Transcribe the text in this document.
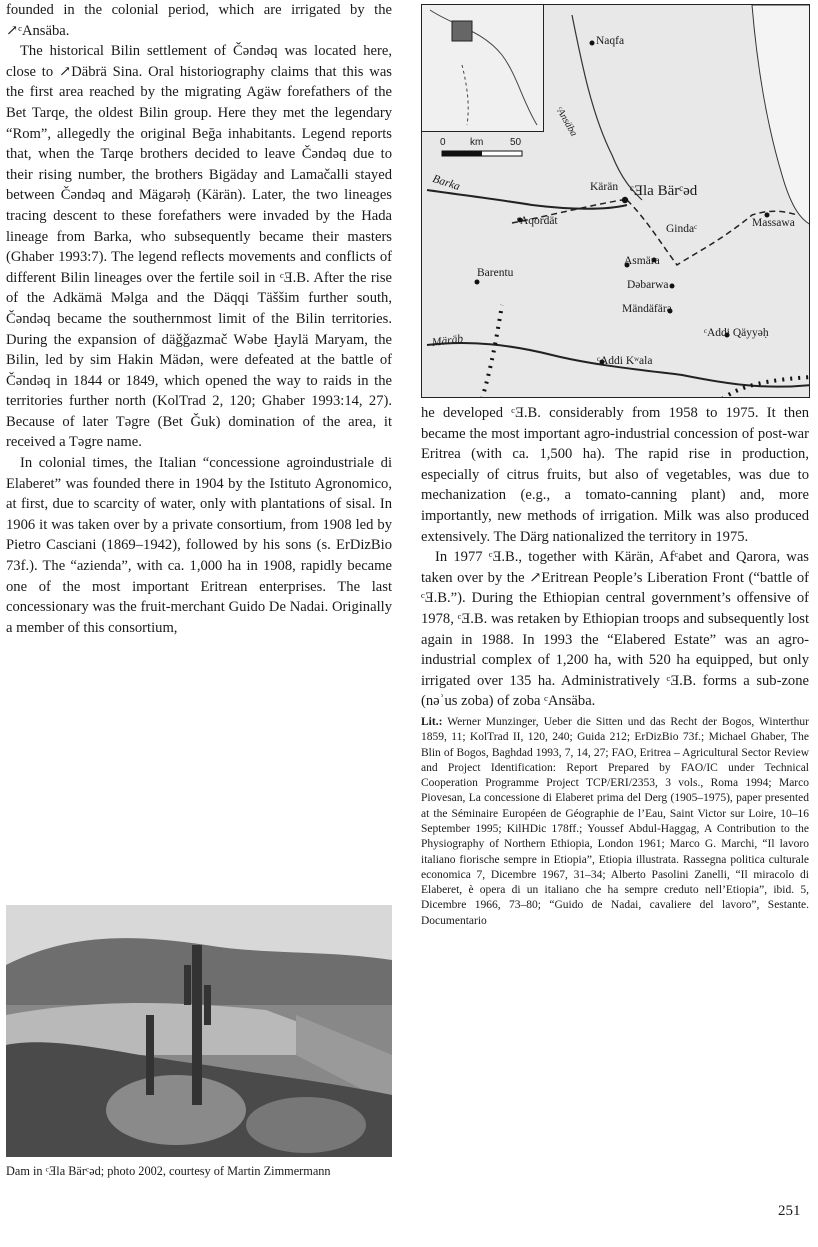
founded in the colonial period, which are irrigated by the ↗ᶜAnsäba.

The historical Bilin settlement of Čəndəq was located here, close to ↗Däbrä Sina. Oral historiography claims that this was the first area reached by the migrating Agäw forefathers of the Bet Tarqe, the oldest Bilin group. Here they met the legendary “Rom”, allegedly the original Beğa inhabitants. Legend reports that, when the Tarqe brothers decided to leave Čəndəq due to their rising number, the brothers Bigäday and Lamačalli stayed between Čəndəq and Mägarəḥ (Kärän). Later, the two lineages tracing descent to these forefathers were invaded by the Hada lineage from Barka, who subsequently became their masters (Ghaber 1993:7). The legend reflects movements and conflicts of different Bilin lineages over the fertile soil in ᶜƎ.B. After the rise of the Adkämä Mǝlga and the Däqqi Täššim further south, Čəndəq became the southernmost limit of the Bilin territories. During the expansion of däǧǧazmač Wǝbe Ḫaylä Maryam, the Bilin, led by sim Hakin Mädən, were defeated at the battle of Čəndəq in 1844 or 1849, which opened the way to raids in the territories further north (KolTrad 2, 120; Ghaber 1993:14, 27). Because of later Təgre (Bet Ǧuk) domination of the area, it received a Təgre name.

In colonial times, the Italian “concessione agroindustriale di Elaberet” was founded there in 1904 by the Istituto Agronomico, at first, due to scarcity of water, only with plantations of sisal. In 1906 it was taken over by a private consortium, from 1908 led by Pietro Casciani (1869–1942), followed by his sons (s. ErDizBio 73f.). The “azienda”, with ca. 1,000 ha in 1908, rapidly became one of the most important Eritrean enterprises. The last concessionary was the fruit-merchant Guido De Nadai. Originally a member of this consortium,

0 km	50
Naqfa
ᶜAnsäba
Barka	Kärän ᶜƎla Bärᶜəd
ᶜAqordät	Massawa
Gindaᶜ
Asmära
Barentu
Dəbarwa
Mändäfära
Märäb	ᶜAddi Qäyyəḥ
ᶜAddi Kʷala

he developed ᶜƎ.B. considerably from 1958 to 1975. It then became the most important agro-industrial concession of post-war Eritrea (with ca. 1,500 ha). The rapid rise in production, especially of citrus fruits, but also of vegetables, was due to mechanization (e.g., a tomato-canning plant) and, more importantly, new methods of irrigation. Milk was also produced extensively. The Därg nationalized the territory in 1975.

In 1977 ᶜƎ.B., together with Kärän, Afᶜabet and Qarora, was taken over by the ↗Eritrean People’s Liberation Front (“battle of ᶜƎ.B.”). During the Ethiopian central government’s offensive of 1978, ᶜƎ.B. was retaken by Ethiopian troops and subsequently lost again in 1988. In 1993 the “Elabered Estate” was an agro-industrial complex of 1,200 ha, with 520 ha equipped, but only irrigated over 135 ha. Administratively ᶜƎ.B. forms a sub-zone (nəʾus zoba) of zoba ᶜAnsäba.

Lit.: Werner Munzinger, Ueber die Sitten und das Recht der Bogos, Winterthur 1859, 11; KolTrad II, 120, 240; Guida 212; ErDizBio 73f.; Michael Ghaber, The Blin of Bogos, Baghdad 1993, 7, 14, 27; FAO, Eritrea – Agricultural Sector Review and Project Identification: Report Prepared by FAO/IC under Technical Cooperation Programme Project TCP/ERI/2353, 3 vols., Roma 1994; Marco Piovesan, La concessione di Elaberet prima del Derg (1905–1975), paper presented at the Séminaire Européen de Géographie de l’Eau, Saint Victor sur Loire, 10–16 September 1995; KilHDic 178ff.; Youssef Abdul-Haggag, A Contribution to the Physiography of Northern Ethiopia, London 1961; Marco G. Marchi, “Il lavoro italiano fiorische sempre in Etiopia”, Etiopia illustrata. Rassegna politica culturale economica 7, Dicembre 1967, 31–34; Alberto Pasolini Zanelli, “Il miracolo di Elaberet, è opera di un italiano che ha sempre creduto nell’Etiopia”, ibid. 5, Dicembre 1966, 73–80; “Guido de Nadai, cavaliere del lavoro”, Sestante. Documentario

Dam in ᶜƎla Bärᶜəd; photo 2002, courtesy of Martin Zimmermann
251
